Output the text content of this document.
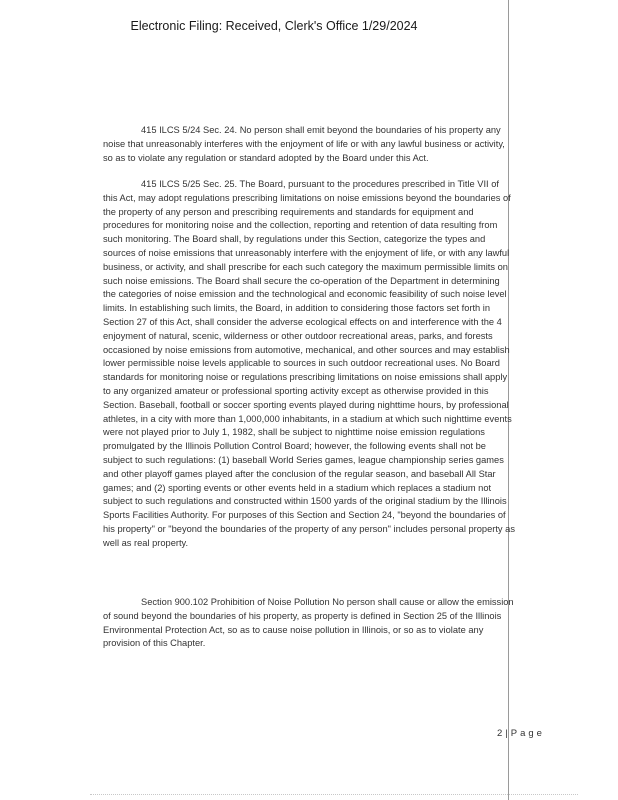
Electronic Filing: Received, Clerk's Office 1/29/2024

415 ILCS 5/24 Sec. 24. No person shall emit beyond the boundaries of his property any noise that unreasonably interferes with the enjoyment of life or with any lawful business or activity, so as to violate any regulation or standard adopted by the Board under this Act.

415 ILCS 5/25 Sec. 25. The Board, pursuant to the procedures prescribed in Title VII of this Act, may adopt regulations prescribing limitations on noise emissions beyond the boundaries of the property of any person and prescribing requirements and standards for equipment and procedures for monitoring noise and the collection, reporting and retention of data resulting from such monitoring. The Board shall, by regulations under this Section, categorize the types and sources of noise emissions that unreasonably interfere with the enjoyment of life, or with any lawful business, or activity, and shall prescribe for each such category the maximum permissible limits on such noise emissions. The Board shall secure the co-operation of the Department in determining the categories of noise emission and the technological and economic feasibility of such noise level limits. In establishing such limits, the Board, in addition to considering those factors set forth in Section 27 of this Act, shall consider the adverse ecological effects on and interference with the 4 enjoyment of natural, scenic, wilderness or other outdoor recreational areas, parks, and forests occasioned by noise emissions from automotive, mechanical, and other sources and may establish lower permissible noise levels applicable to sources in such outdoor recreational uses. No Board standards for monitoring noise or regulations prescribing limitations on noise emissions shall apply to any organized amateur or professional sporting activity except as otherwise provided in this Section. Baseball, football or soccer sporting events played during nighttime hours, by professional athletes, in a city with more than 1,000,000 inhabitants, in a stadium at which such nighttime events were not played prior to July 1, 1982, shall be subject to nighttime noise emission regulations promulgated by the Illinois Pollution Control Board; however, the following events shall not be subject to such regulations: (1) baseball World Series games, league championship series games and other playoff games played after the conclusion of the regular season, and baseball All Star games; and (2) sporting events or other events held in a stadium which replaces a stadium not subject to such regulations and constructed within 1500 yards of the original stadium by the Illinois Sports Facilities Authority. For purposes of this Section and Section 24, "beyond the boundaries of his property" or "beyond the boundaries of the property of any person" includes personal property as well as real property.

Section 900.102 Prohibition of Noise Pollution No person shall cause or allow the emission of sound beyond the boundaries of his property, as property is defined in Section 25 of the Illinois Environmental Protection Act, so as to cause noise pollution in Illinois, or so as to violate any provision of this Chapter.

2 | Page
